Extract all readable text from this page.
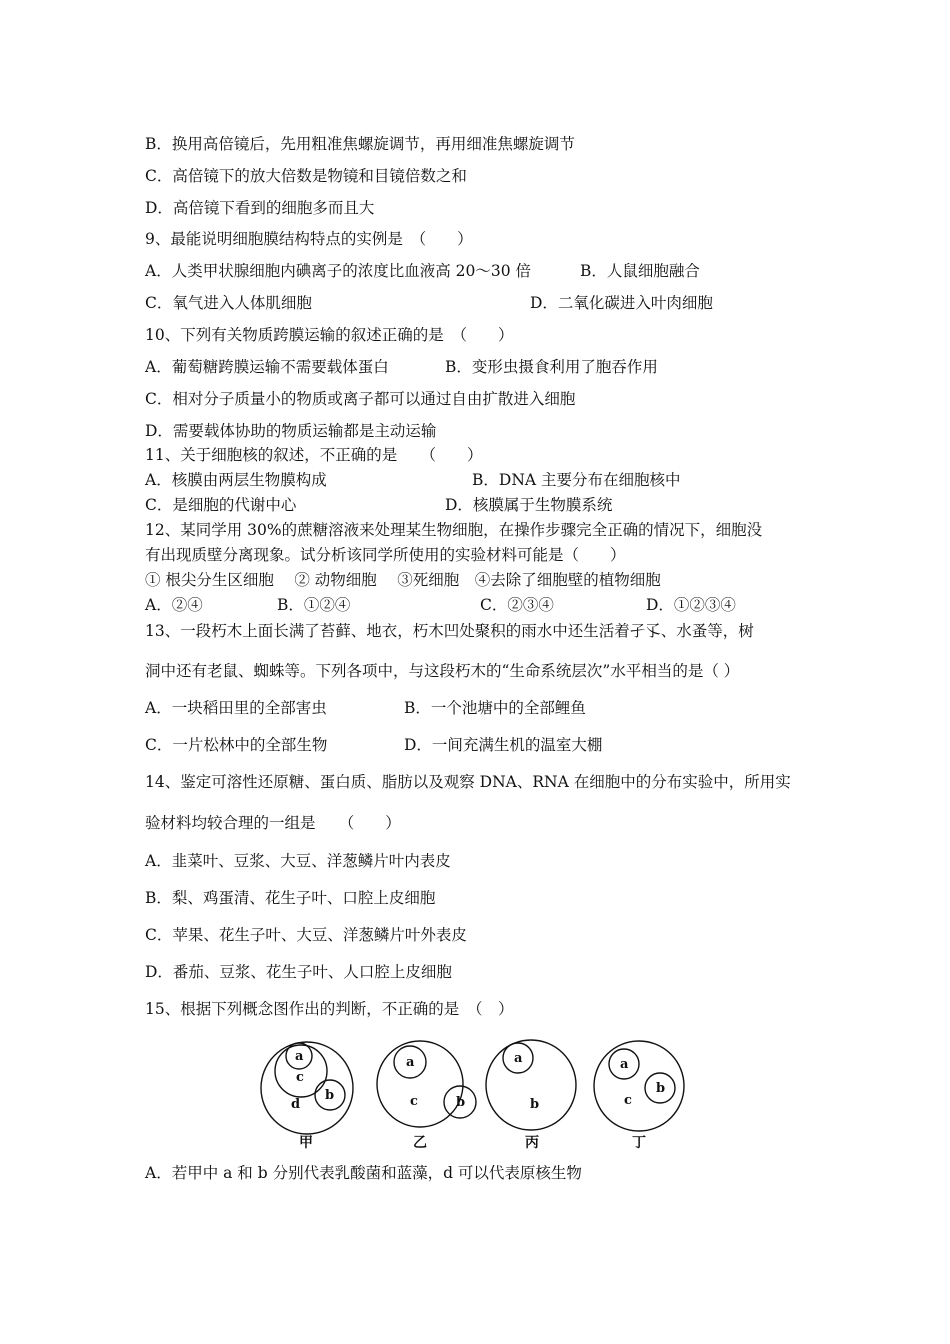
B．换用高倍镜后，先用粗准焦螺旋调节，再用细准焦螺旋调节
C．高倍镜下的放大倍数是物镜和目镜倍数之和
D．高倍镜下看到的细胞多而且大
9、最能说明细胞膜结构特点的实例是　（　　）
A．人类甲状腺细胞内碘离子的浓度比血液高 20～30 倍	B．人鼠细胞融合
C．氧气进入人体肌细胞	D．二氧化碳进入叶肉细胞
10、下列有关物质跨膜运输的叙述正确的是　（　　）
A．葡萄糖跨膜运输不需要载体蛋白	B．变形虫摄食利用了胞吞作用
C．相对分子质量小的物质或离子都可以通过自由扩散进入细胞
D．需要载体协助的物质运输都是主动运输
11、关于细胞核的叙述，不正确的是　　（　　）
A．核膜由两层生物膜构成	B．DNA 主要分布在细胞核中
C．是细胞的代谢中心	D．核膜属于生物膜系统
12、某同学用 30%的蔗糖溶液来处理某生物细胞，在操作步骤完全正确的情况下，细胞没
有出现质壁分离现象。试分析该同学所使用的实验材料可能是（　　）
① 根尖分生区细胞　 ② 动物细胞　 ③死细胞　④去除了细胞壁的植物细胞
A．②④	B．①②④	C．②③④	D．①②③④
13、一段朽木上面长满了苔藓、地衣，朽木凹处聚积的雨水中还生活着孑孓、水蚤等，树
洞中还有老鼠、蜘蛛等。下列各项中，与这段朽木的“生命系统层次”水平相当的是（ ）
A．一块稻田里的全部害虫	B．一个池塘中的全部鲤鱼
C．一片松林中的全部生物	D．一间充满生机的温室大棚
14、鉴定可溶性还原糖、蛋白质、脂肪以及观察 DNA、RNA 在细胞中的分布实验中，所用实
验材料均较合理的一组是　　（　　）
A．韭菜叶、豆浆、大豆、洋葱鳞片叶内表皮
B．梨、鸡蛋清、花生子叶、口腔上皮细胞
C．苹果、花生子叶、大豆、洋葱鳞片叶外表皮
D．番茄、豆浆、花生子叶、人口腔上皮细胞
15、根据下列概念图作出的判断，不正确的是　（　）
a
c
b
d
甲
a
c	b
乙
a
b
丙
a
c
b
丁
A．若甲中 a 和 b 分别代表乳酸菌和蓝藻，d 可以代表原核生物
